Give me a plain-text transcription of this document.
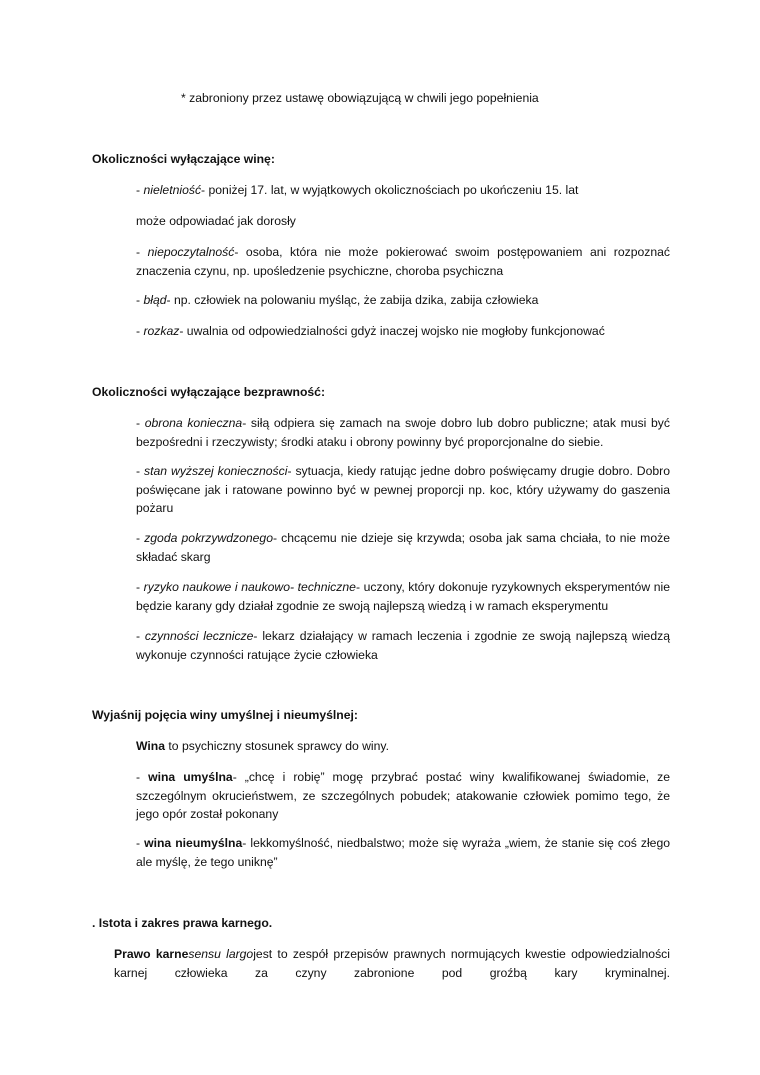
* zabroniony przez ustawę obowiązującą w chwili jego popełnienia

Okoliczności wyłączające winę:

- nieletniość- poniżej 17. lat, w wyjątkowych okolicznościach po ukończeniu 15. lat

może odpowiadać jak dorosły

- niepoczytalność- osoba, która nie może pokierować swoim postępowaniem ani rozpoznać znaczenia czynu, np. upośledzenie psychiczne, choroba psychiczna

- błąd- np. człowiek na polowaniu myśląc, że zabija dzika, zabija człowieka

- rozkaz- uwalnia od odpowiedzialności gdyż inaczej wojsko nie mogłoby funkcjonować

Okoliczności wyłączające bezprawność:

- obrona konieczna- siłą odpiera się zamach na swoje dobro lub dobro publiczne; atak musi być bezpośredni i rzeczywisty; środki ataku i obrony powinny być proporcjonalne do siebie.

- stan wyższej konieczności- sytuacja, kiedy ratując jedne dobro poświęcamy drugie dobro. Dobro poświęcane jak i ratowane powinno być w pewnej proporcji np. koc, który używamy do gaszenia pożaru

- zgoda pokrzywdzonego- chcącemu nie dzieje się krzywda; osoba jak sama chciała, to nie może składać skarg

- ryzyko naukowe i naukowo- techniczne- uczony, który dokonuje ryzykownych eksperymentów nie będzie karany gdy działał zgodnie ze swoją najlepszą wiedzą i w ramach eksperymentu

- czynności lecznicze- lekarz działający w ramach leczenia i zgodnie ze swoją najlepszą wiedzą wykonuje czynności ratujące życie człowieka

Wyjaśnij pojęcia winy umyślnej i nieumyślnej:

Wina to psychiczny stosunek sprawcy do winy.

- wina umyślna- „chcę i robię” mogę przybrać postać winy kwalifikowanej świadomie, ze szczególnym okrucieństwem, ze szczególnych pobudek; atakowanie człowiek pomimo tego, że jego opór został pokonany

- wina nieumyślna- lekkomyślność, niedbalstwo; może się wyraża „wiem, że stanie się coś złego ale myślę, że tego uniknę”

. Istota i zakres prawa karnego.

Prawo karnesensu largojest to zespół przepisów prawnych normujących kwestie odpowiedzialności karnej człowieka za czyny zabronione pod groźbą kary kryminalnej.
